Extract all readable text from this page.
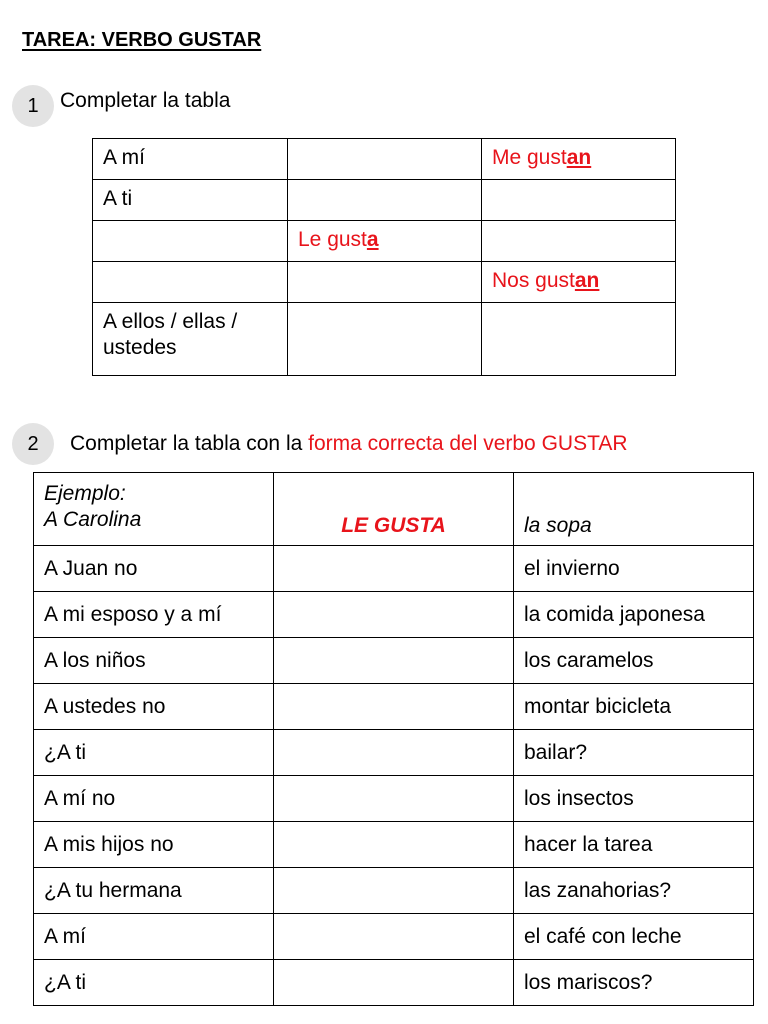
TAREA: VERBO GUSTAR
1	Completar la tabla
A mí		Me gustan
A ti		
	Le gusta	
		Nos gustan

A ellos / ellas /
ustedes		

2	Completar la tabla con la forma correcta del verbo GUSTAR
Ejemplo:
A Carolina	LE GUSTA	la sopa
A Juan no		el invierno
A mi esposo y a mí		la comida japonesa
A los niños		los caramelos
A ustedes no		montar bicicleta
¿A ti		bailar?
A mí no		los insectos
A mis hijos no		hacer la tarea
¿A tu hermana		las zanahorias?
A mí		el café con leche
¿A ti		los mariscos?
